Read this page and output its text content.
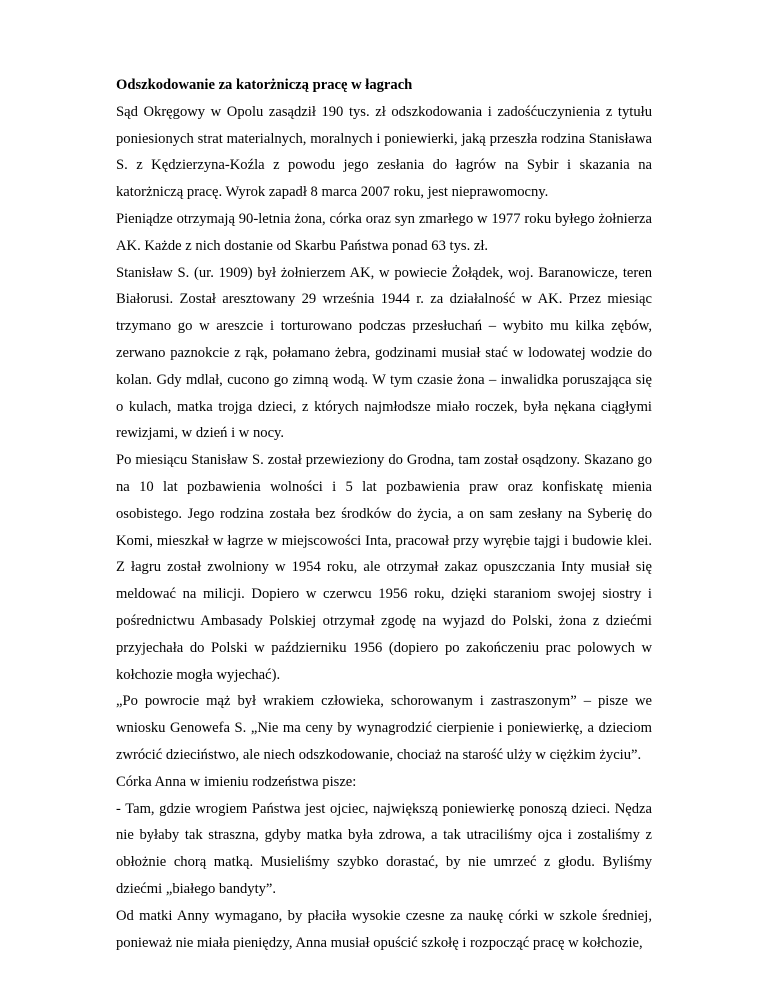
Odszkodowanie za katorżniczą pracę w łagrach

Sąd Okręgowy w Opolu zasądził 190 tys. zł odszkodowania i zadośćuczynienia z tytułu poniesionych strat materialnych, moralnych i poniewierki, jaką przeszła rodzina Stanisława S. z Kędzierzyna-Koźla z powodu jego zesłania do łagrów na Sybir i skazania na katorżniczą pracę. Wyrok zapadł 8 marca 2007 roku, jest nieprawomocny.

Pieniądze otrzymają 90-letnia żona, córka oraz syn zmarłego w 1977 roku byłego żołnierza AK. Każde z nich dostanie od Skarbu Państwa ponad 63 tys. zł.

Stanisław S. (ur. 1909) był żołnierzem AK, w powiecie Żołądek, woj. Baranowicze, teren Białorusi. Został aresztowany 29 września 1944 r. za działalność w AK. Przez miesiąc trzymano go w areszcie i torturowano podczas przesłuchań – wybito mu kilka zębów, zerwano paznokcie z rąk, połamano żebra, godzinami musiał stać w lodowatej wodzie do kolan. Gdy mdlał, cucono go zimną wodą. W tym czasie żona – inwalidka poruszająca się o kulach, matka trojga dzieci, z których najmłodsze miało roczek, była nękana ciągłymi rewizjami, w dzień i w nocy.

Po miesiącu Stanisław S. został przewieziony do Grodna, tam został osądzony. Skazano go na 10 lat pozbawienia wolności i 5 lat pozbawienia praw oraz konfiskatę mienia osobistego. Jego rodzina została bez środków do życia, a on sam zesłany na Syberię do Komi, mieszkał w łagrze w miejscowości Inta, pracował przy wyrębie tajgi i budowie klei. Z łagru został zwolniony w 1954 roku, ale otrzymał zakaz opuszczania Inty musiał się meldować na milicji. Dopiero w czerwcu 1956 roku, dzięki staraniom swojej siostry i pośrednictwu Ambasady Polskiej otrzymał zgodę na wyjazd do Polski, żona z dziećmi przyjechała do Polski w październiku 1956 (dopiero po zakończeniu prac polowych w kołchozie mogła wyjechać).

„Po powrocie mąż był wrakiem człowieka, schorowanym i zastraszonym” – pisze we wniosku Genowefa S. „Nie ma ceny by wynagrodzić cierpienie i poniewierkę, a dzieciom zwrócić dzieciństwo, ale niech odszkodowanie, chociaż na starość ulży w ciężkim życiu”.

Córka Anna w imieniu rodzeństwa pisze:

- Tam, gdzie wrogiem Państwa jest ojciec, największą poniewierkę ponoszą dzieci. Nędza nie byłaby tak straszna, gdyby matka była zdrowa, a tak utraciliśmy ojca i zostaliśmy z obłożnie chorą matką. Musieliśmy szybko dorastać, by nie umrzeć z głodu. Byliśmy dziećmi „białego bandyty”.

Od matki Anny wymagano, by płaciła wysokie czesne za naukę córki w szkole średniej, ponieważ nie miała pieniędzy, Anna musiał opuścić szkołę i rozpocząć pracę w kołchozie,
